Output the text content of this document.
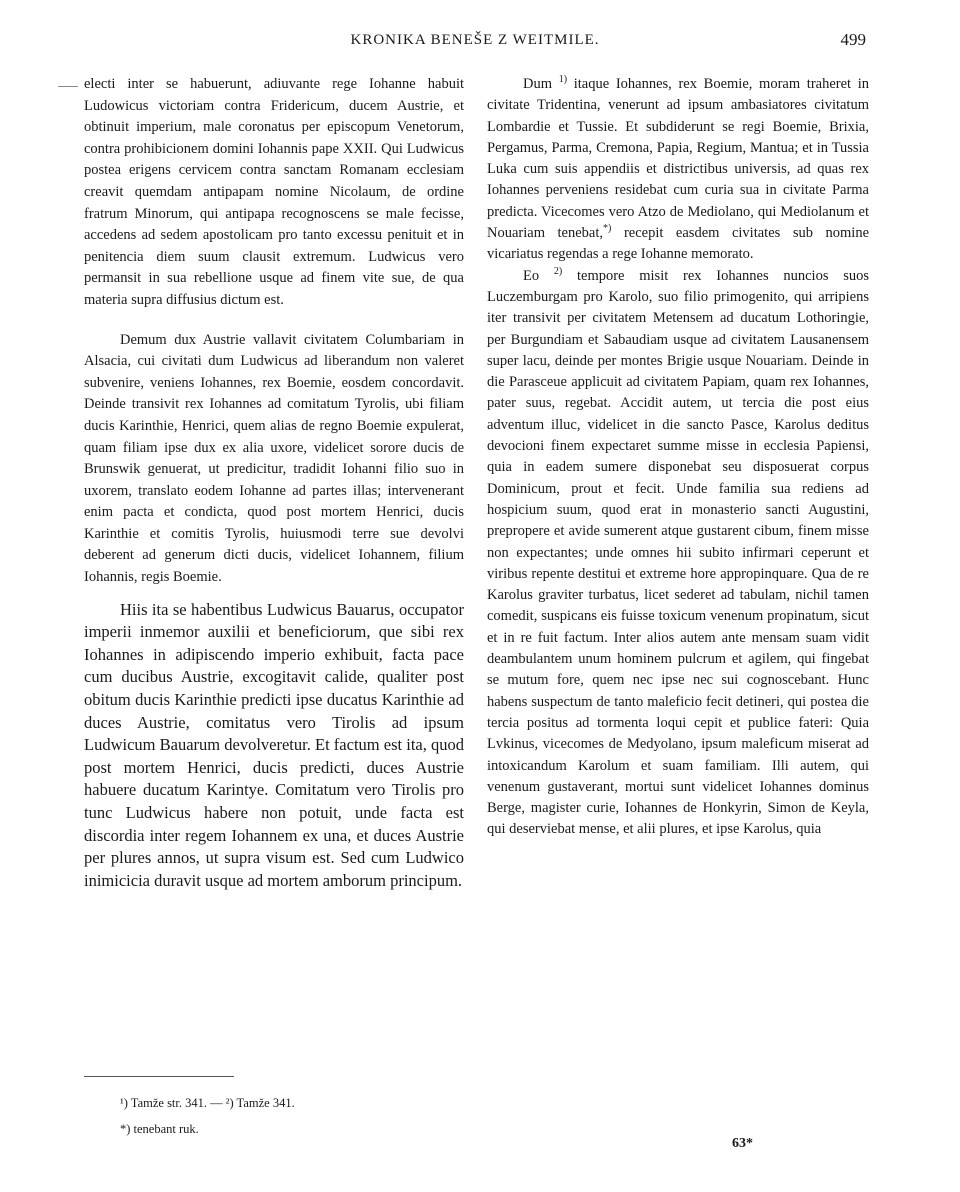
KRONIKA BENEŠE Z WEITMILE.	499

electi inter se habuerunt, adiuvante rege Iohanne habuit Ludowicus victoriam contra Fridericum, ducem Austrie, et obtinuit imperium, male coronatus per episcopum Venetorum, contra prohibicionem domini Iohannis pape XXII. Qui Ludwicus postea erigens cervicem contra sanctam Romanam ecclesiam creavit quemdam antipapam nomine Nicolaum, de ordine fratrum Minorum, qui antipapa recognoscens se male fecisse, accedens ad sedem apostolicam pro tanto excessu penituit et in penitencia diem suum clausit extremum. Ludwicus vero permansit in sua rebellione usque ad finem vite sue, de qua materia supra diffusius dictum est.

Demum dux Austrie vallavit civitatem Columbariam in Alsacia, cui civitati dum Ludwicus ad liberandum non valeret subvenire, veniens Iohannes, rex Boemie, eosdem concordavit. Deinde transivit rex Iohannes ad comitatum Tyrolis, ubi filiam ducis Karinthie, Henrici, quem alias de regno Boemie expulerat, quam filiam ipse dux ex alia uxore, videlicet sorore ducis de Brunswik genuerat, ut predicitur, tradidit Iohanni filio suo in uxorem, translato eodem Iohanne ad partes illas; intervenerant enim pacta et condicta, quod post mortem Henrici, ducis Karinthie et comitis Tyrolis, huiusmodi terre sue devolvi deberent ad generum dicti ducis, videlicet Iohannem, filium Iohannis, regis Boemie.

Hiis ita se habentibus Ludwicus Bauarus, occupator imperii inmemor auxilii et beneficiorum, que sibi rex Iohannes in adipiscendo imperio exhibuit, facta pace cum ducibus Austrie, excogitavit calide, qualiter post obitum ducis Karinthie predicti ipse ducatus Karinthie ad duces Austrie, comitatus vero Tirolis ad ipsum Ludwicum Bauarum devolveretur. Et factum est ita, quod post mortem Henrici, ducis predicti, duces Austrie habuere ducatum Karintye. Comitatum vero Tirolis pro tunc Ludwicus habere non potuit, unde facta est discordia inter regem Iohannem ex una, et duces Austrie per plures annos, ut supra visum est. Sed cum Ludwico inimicicia duravit usque ad mortem amborum principum.

Dum $^{1)}$ itaque Iohannes, rex Boemie, moram traheret in civitate Tridentina, venerunt ad ipsum ambasiatores civitatum Lombardie et Tussie. Et subdiderunt se regi Boemie, Brixia, Pergamus, Parma, Cremona, Papia, Regium, Mantua; et in Tussia Luka cum suis appendiis et districtibus universis, ad quas rex Iohannes perveniens residebat cum curia sua in civitate Parma predicta. Vicecomes vero Atzo de Mediolano, qui Mediolanum et Nouariam tenebat,*) recepit easdem civitates sub nomine vicariatus regendas a rege Iohanne memorato.

Eo $^{2)}$ tempore misit rex Iohannes nuncios suos Luczemburgam pro Karolo, suo filio primogenito, qui arripiens iter transivit per civitatem Metensem ad ducatum Lothoringie, per Burgundiam et Sabaudiam usque ad civitatem Lausanensem super lacu, deinde per montes Brigie usque Nouariam. Deinde in die Parasceue applicuit ad civitatem Papiam, quam rex Iohannes, pater suus, regebat. Accidit autem, ut tercia die post eius adventum illuc, videlicet in die sancto Pasce, Karolus deditus devocioni finem expectaret summe misse in ecclesia Papiensi, quia in eadem sumere disponebat seu disposuerat corpus Dominicum, prout et fecit. Unde familia sua rediens ad hospicium suum, quod erat in monasterio sancti Augustini, prepropere et avide sumerent atque gustarent cibum, finem misse non expectantes; unde omnes hii subito infirmari ceperunt et viribus repente destitui et extreme hore appropinquare. Qua de re Karolus graviter turbatus, licet sederet ad tabulam, nichil tamen comedit, suspicans eis fuisse toxicum venenum propinatum, sicut et in re fuit factum. Inter alios autem ante mensam suam vidit deambulantem unum hominem pulcrum et agilem, qui fingebat se mutum fore, quem nec ipse nec sui cognoscebant. Hunc habens suspectum de tanto maleficio fecit detineri, qui postea die tercia positus ad tormenta loqui cepit et publice fateri: Quia Lvkinus, vicecomes de Medyolano, ipsum maleficum miserat ad intoxicandum Karolum et suam familiam. Illi autem, qui venenum gustaverant, mortui sunt videlicet Iohannes dominus Berge, magister curie, Iohannes de Honkyrin, Simon de Keyla, qui deserviebat mense, et alii plures, et ipse Karolus, quia

¹) Tamže str. 341. — ²) Tamže 341.
*) tenebant ruk.
63*
